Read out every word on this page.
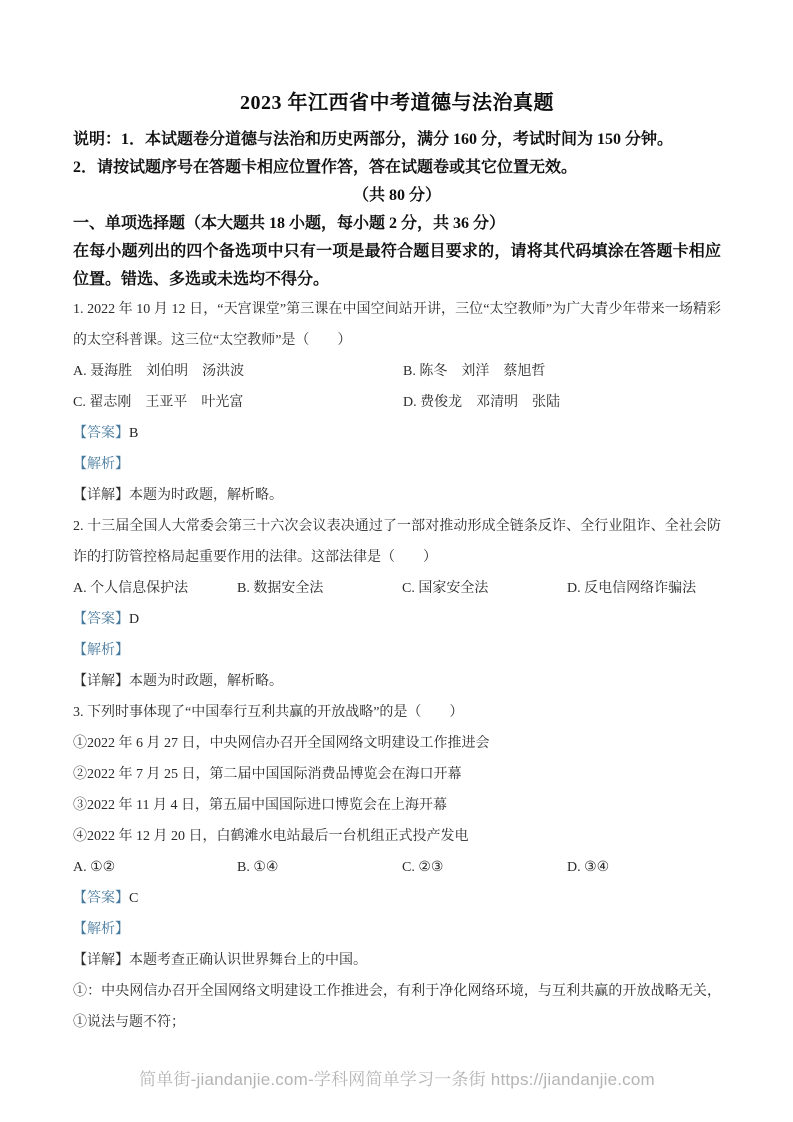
2023 年江西省中考道德与法治真题
说明：1．本试题卷分道德与法治和历史两部分，满分 160 分，考试时间为 150 分钟。
2．请按试题序号在答题卡相应位置作答，答在试题卷或其它位置无效。
（共 80 分）
一、单项选择题（本大题共 18 小题，每小题 2 分，共 36 分）
在每小题列出的四个备选项中只有一项是最符合题目要求的，请将其代码填涂在答题卡相应位置。错选、多选或未选均不得分。
1. 2022 年 10 月 12 日，“天宫课堂”第三课在中国空间站开讲，三位“太空教师”为广大青少年带来一场精彩的太空科普课。这三位“太空教师”是（　　）
A. 聂海胜　刘伯明　汤洪波	B. 陈冬　刘洋　蔡旭哲
C. 翟志刚　王亚平　叶光富	D. 费俊龙　邓清明　张陆
【答案】B
【解析】
【详解】本题为时政题，解析略。
2. 十三届全国人大常委会第三十六次会议表决通过了一部对推动形成全链条反诈、全行业阻诈、全社会防诈的打防管控格局起重要作用的法律。这部法律是（　　）
A. 个人信息保护法	B. 数据安全法	C. 国家安全法	D. 反电信网络诈骗法
【答案】D
【解析】
【详解】本题为时政题，解析略。
3. 下列时事体现了“中国奉行互利共赢的开放战略”的是（　　）
①2022 年 6 月 27 日，中央网信办召开全国网络文明建设工作推进会
②2022 年 7 月 25 日，第二届中国国际消费品博览会在海口开幕
③2022 年 11 月 4 日，第五届中国国际进口博览会在上海开幕
④2022 年 12 月 20 日，白鹤滩水电站最后一台机组正式投产发电
A. ①②	B. ①④	C. ②③	D. ③④
【答案】C
【解析】
【详解】本题考查正确认识世界舞台上的中国。
①：中央网信办召开全国网络文明建设工作推进会，有利于净化网络环境，与互利共赢的开放战略无关，①说法与题不符；
简单街-jiandanjie.com-学科网简单学习一条街 https://jiandanjie.com
